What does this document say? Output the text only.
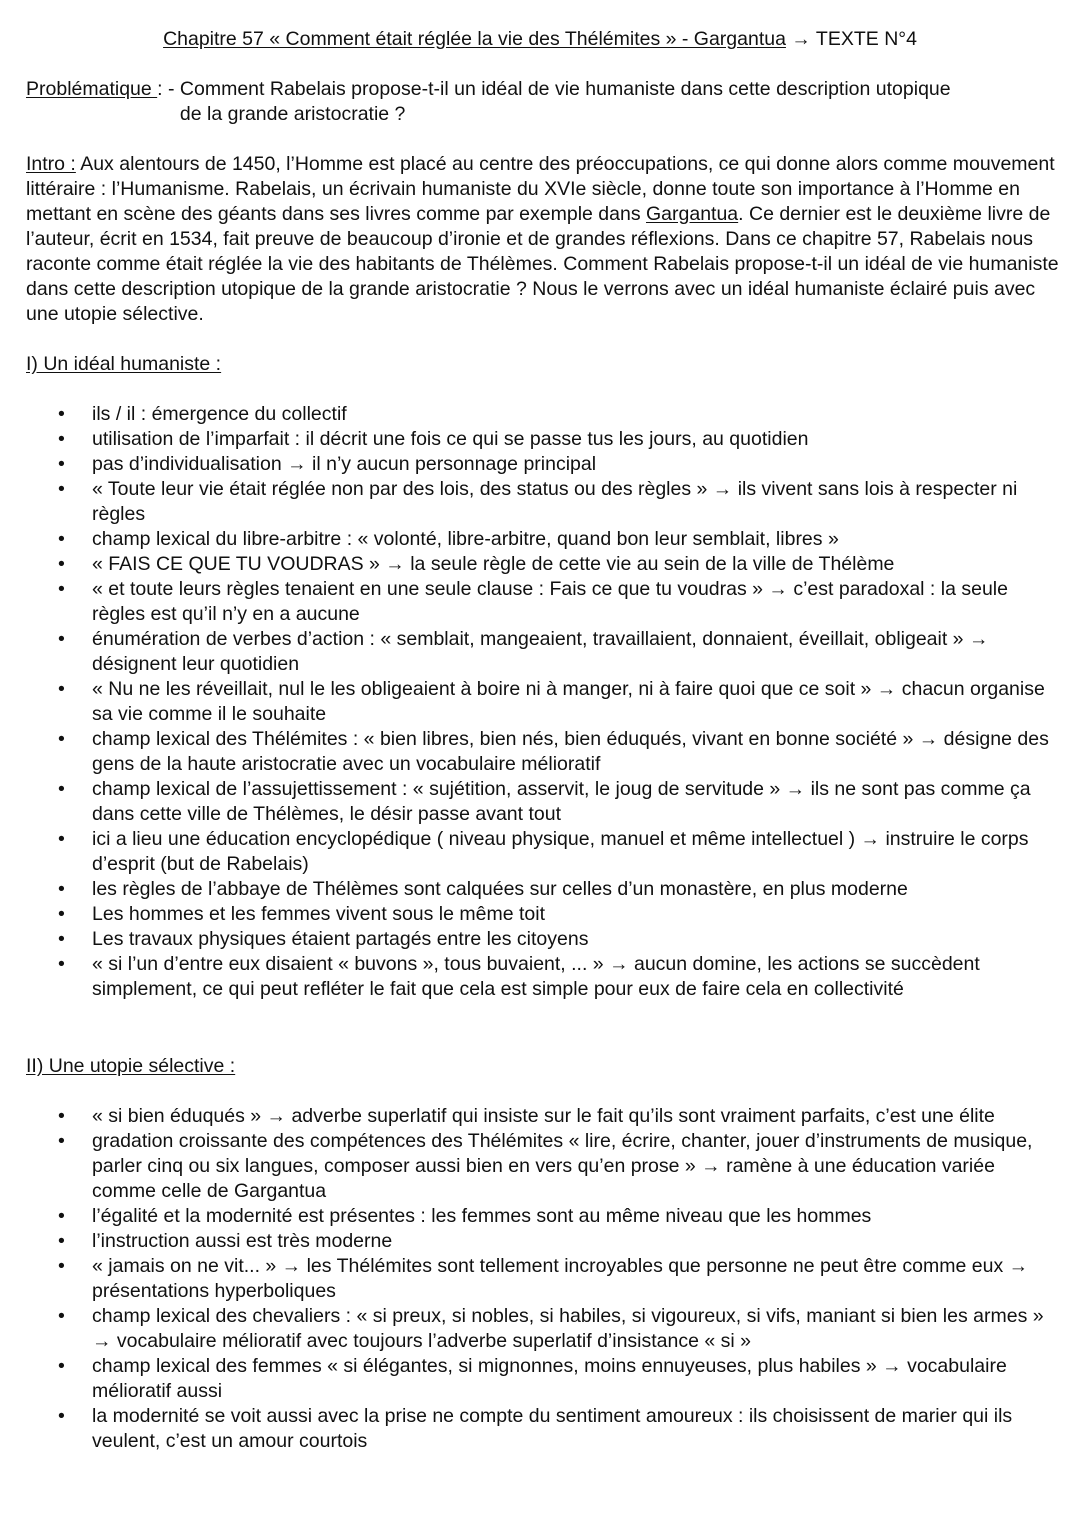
Chapitre 57 « Comment était réglée la vie des Thélémites » - Gargantua → TEXTE N°4
Problématique : - Comment Rabelais propose-t-il un idéal de vie humaniste dans cette description utopique de la grande aristocratie ?

Intro : Aux alentours de 1450, l’Homme est placé au centre des préoccupations, ce qui donne alors comme mouvement littéraire : l’Humanisme. Rabelais, un écrivain humaniste du XVIe siècle, donne toute son importance à l’Homme en mettant en scène des géants dans ses livres comme par exemple dans Gargantua. Ce dernier est le deuxième livre de l’auteur, écrit en 1534, fait preuve de beaucoup d’ironie et de grandes réflexions. Dans ce chapitre 57, Rabelais nous raconte comme était réglée la vie des habitants de Thélèmes. Comment Rabelais propose-t-il un idéal de vie humaniste dans cette description utopique de la grande aristocratie ? Nous le verrons avec un idéal humaniste éclairé puis avec une utopie sélective.

I) Un idéal humaniste :
• ils / il : émergence du collectif
• utilisation de l’imparfait : il décrit une fois ce qui se passe tus les jours, au quotidien
• pas d’individualisation → il n’y aucun personnage principal
• « Toute leur vie était réglée non par des lois, des status ou des règles » → ils vivent sans lois à respecter ni règles
• champ lexical du libre-arbitre : « volonté, libre-arbitre, quand bon leur semblait, libres »
• « FAIS CE QUE TU VOUDRAS » → la seule règle de cette vie au sein de la ville de Thélème
• « et toute leurs règles tenaient en une seule clause : Fais ce que tu voudras » → c’est paradoxal : la seule règles est qu’il n’y en a aucune
• énumération de verbes d’action : « semblait, mangeaient, travaillaient, donnaient, éveillait, obligeait » → désignent leur quotidien
• « Nu ne les réveillait, nul le les obligeaient à boire ni à manger, ni à faire quoi que ce soit » → chacun organise sa vie comme il le souhaite
• champ lexical des Thélémites : « bien libres, bien nés, bien éduqués, vivant en bonne société » → désigne des gens de la haute aristocratie avec un vocabulaire mélioratif
• champ lexical de l’assujettissement : « sujétition, asservit, le joug de servitude » → ils ne sont pas comme ça dans cette ville de Thélèmes, le désir passe avant tout
• ici a lieu une éducation encyclopédique ( niveau physique, manuel et même intellectuel ) → instruire le corps d’esprit (but de Rabelais)
• les règles de l’abbaye de Thélèmes sont calquées sur celles d’un monastère, en plus moderne
• Les hommes et les femmes vivent sous le même toit
• Les travaux physiques étaient partagés entre les citoyens
• « si l’un d’entre eux disaient « buvons », tous buvaient, ... » → aucun domine, les actions se succèdent simplement, ce qui peut refléter le fait que cela est simple pour eux de faire cela en collectivité
II) Une utopie sélective :
• « si bien éduqués » → adverbe superlatif qui insiste sur le fait qu’ils sont vraiment parfaits, c’est une élite
• gradation croissante des compétences des Thélémites « lire, écrire, chanter, jouer d’instruments de musique, parler cinq ou six langues, composer aussi bien en vers qu’en prose » → ramène à une éducation variée comme celle de Gargantua
• l’égalité et la modernité est présentes : les femmes sont au même niveau que les hommes
• l’instruction aussi est très moderne
• « jamais on ne vit... » → les Thélémites sont tellement incroyables que personne ne peut être comme eux → présentations hyperboliques
• champ lexical des chevaliers : « si preux, si nobles, si habiles, si vigoureux, si vifs, maniant si bien les armes » → vocabulaire mélioratif avec toujours l’adverbe superlatif d’insistance « si »
• champ lexical des femmes « si élégantes, si mignonnes, moins ennuyeuses, plus habiles » → vocabulaire mélioratif aussi
• la modernité se voit aussi avec la prise ne compte du sentiment amoureux : ils choisissent de marier qui ils veulent, c’est un amour courtois
